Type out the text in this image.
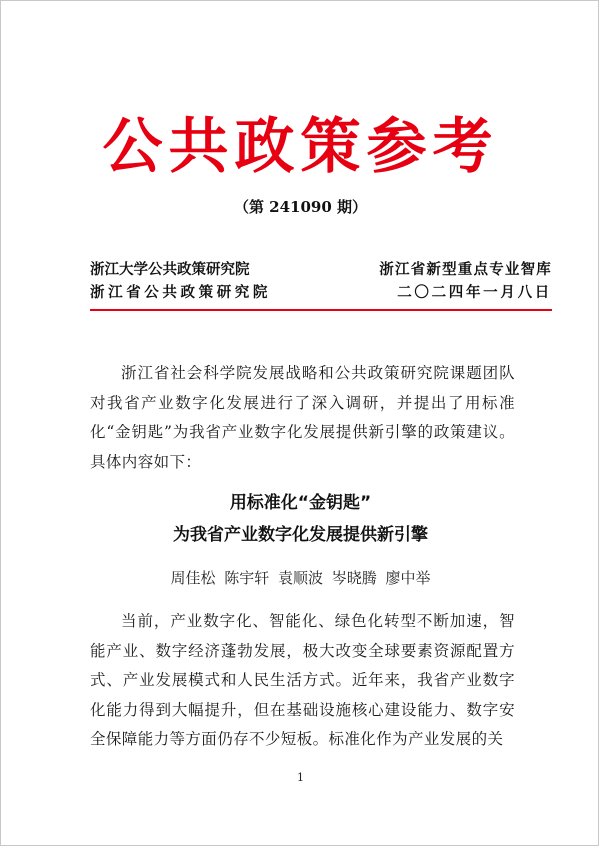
公共政策参考
（第 241090 期）
浙江大学公共政策研究院	浙江省新型重点专业智库
浙江省公共政策研究院	二〇二四年一月八日

浙江省社会科学院发展战略和公共政策研究院课题团队对我省产业数字化发展进行了深入调研，并提出了用标准化“金钥匙”为我省产业数字化发展提供新引擎的政策建议。具体内容如下：

用标准化“金钥匙”
为我省产业数字化发展提供新引擎
周佳松 陈宇轩 袁顺波 岑晓腾 廖中举

当前，产业数字化、智能化、绿色化转型不断加速，智能产业、数字经济蓬勃发展，极大改变全球要素资源配置方式、产业发展模式和人民生活方式。近年来，我省产业数字化能力得到大幅提升，但在基础设施核心建设能力、数字安全保障能力等方面仍存不少短板。标准化作为产业发展的关

1
